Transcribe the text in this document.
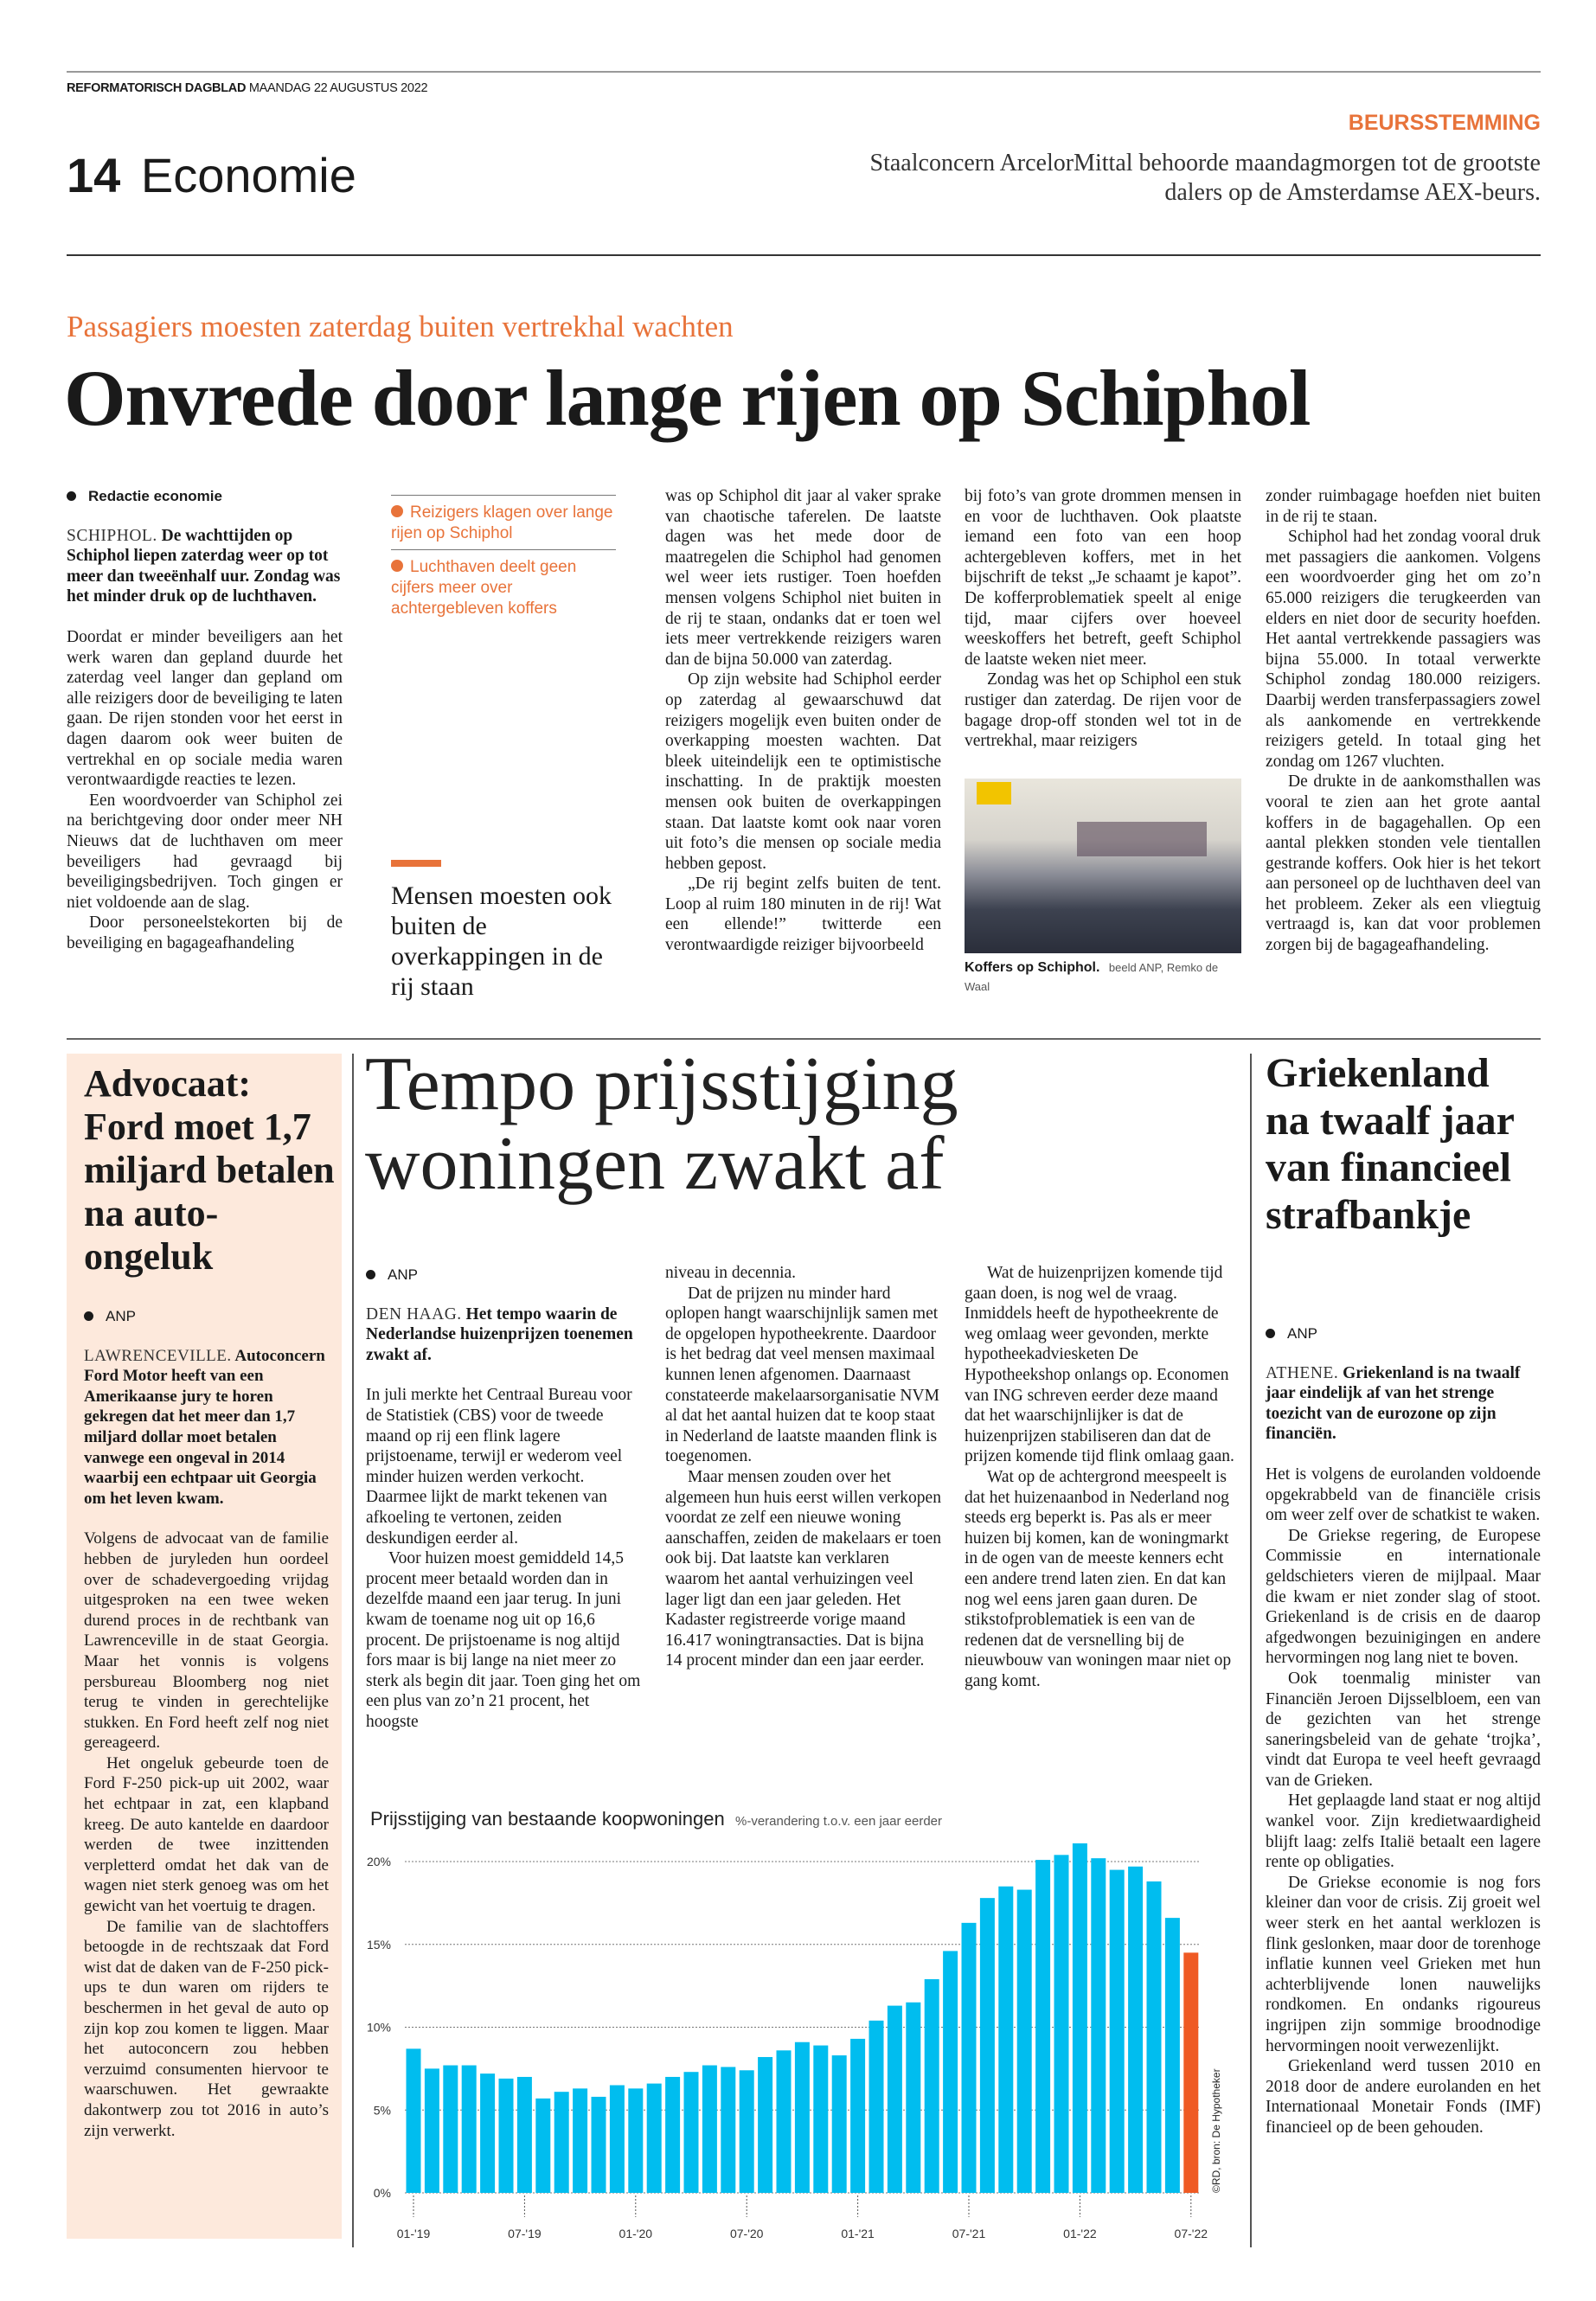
REFORMATORISCH DAGBLAD MAANDAG 22 AUGUSTUS 2022
14 Economie
BEURSSTEMMING
Staalconcern ArcelorMittal behoorde maandagmorgen tot de grootste dalers op de Amsterdamse AEX-beurs.
Passagiers moesten zaterdag buiten vertrekhal wachten
Onvrede door lange rijen op Schiphol
Redactie economie

SCHIPHOL. De wachttijden op Schiphol liepen zaterdag weer op tot meer dan tweeënhalf uur. Zondag was het minder druk op de luchthaven.

Doordat er minder beveiligers aan het werk waren dan gepland duurde het zaterdag veel langer dan gepland om alle reizigers door de beveiliging te laten gaan. De rijen stonden voor het eerst in dagen daarom ook weer buiten de vertrekhal en op sociale media waren verontwaardigde reacties te lezen.

Een woordvoerder van Schiphol zei na berichtgeving door onder meer NH Nieuws dat de luchthaven om meer beveiligers had gevraagd bij beveiligingsbedrijven. Toch gingen er niet voldoende aan de slag.

Door personeelstekorten bij de beveiliging en bagageafhandeling

Reizigers klagen over lange rijen op Schiphol
Luchthaven deelt geen cijfers meer over achtergebleven koffers
Mensen moesten ook buiten de overkappingen in de rij staan

was op Schiphol dit jaar al vaker sprake van chaotische taferelen. De laatste dagen was het mede door de maatregelen die Schiphol had genomen wel weer iets rustiger. Toen hoefden mensen volgens Schiphol niet buiten in de rij te staan, ondanks dat er toen wel iets meer vertrekkende reizigers waren dan de bijna 50.000 van zaterdag.

Op zijn website had Schiphol eerder op zaterdag al gewaarschuwd dat reizigers mogelijk even buiten onder de overkapping moesten wachten. Dat bleek uiteindelijk een te optimistische inschatting. In de praktijk moesten mensen ook buiten de overkappingen staan. Dat laatste komt ook naar voren uit foto’s die mensen op sociale media hebben gepost.

„De rij begint zelfs buiten de tent. Loop al ruim 180 minuten in de rij! Wat een ellende!” twitterde een verontwaardigde reiziger bijvoorbeeld

bij foto’s van grote drommen mensen in en voor de luchthaven. Ook plaatste iemand een foto van een hoop achtergebleven koffers, met in het bijschrift de tekst „Je schaamt je kapot”. De kofferproblematiek speelt al enige tijd, maar cijfers over hoeveel weeskoffers het betreft, geeft Schiphol de laatste weken niet meer.

Zondag was het op Schiphol een stuk rustiger dan zaterdag. De rijen voor de bagage drop-off stonden wel tot in de vertrekhal, maar reizigers

Koffers op Schiphol. beeld ANP, Remko de Waal

zonder ruimbagage hoefden niet buiten in de rij te staan.

Schiphol had het zondag vooral druk met passagiers die aankomen. Volgens een woordvoerder ging het om zo’n 65.000 reizigers die terugkeerden van elders en niet door de security hoefden. Het aantal vertrekkende passagiers was bijna 55.000. In totaal verwerkte Schiphol zondag 180.000 reizigers. Daarbij werden transferpassagiers zowel als aankomende en vertrekkende reizigers geteld. In totaal ging het zondag om 1267 vluchten.

De drukte in de aankomsthallen was vooral te zien aan het grote aantal koffers in de bagagehallen. Op een aantal plekken stonden vele tientallen gestrande koffers. Ook hier is het tekort aan personeel op de luchthaven deel van het probleem. Zeker als een vliegtuig vertraagd is, kan dat voor problemen zorgen bij de bagageafhandeling.

Advocaat: Ford moet 1,7 miljard betalen na auto-ongeluk
ANP

LAWRENCEVILLE. Autoconcern Ford Motor heeft van een Amerikaanse jury te horen gekregen dat het meer dan 1,7 miljard dollar moet betalen vanwege een ongeval in 2014 waarbij een echtpaar uit Georgia om het leven kwam.

Volgens de advocaat van de familie hebben de juryleden hun oordeel over de schadevergoeding vrijdag uitgesproken na een twee weken durend proces in de rechtbank van Lawrenceville in de staat Georgia. Maar het vonnis is volgens persbureau Bloomberg nog niet terug te vinden in gerechtelijke stukken. En Ford heeft zelf nog niet gereageerd.

Het ongeluk gebeurde toen de Ford F-250 pick-up uit 2002, waar het echtpaar in zat, een klapband kreeg. De auto kantelde en daardoor werden de twee inzittenden verpletterd omdat het dak van de wagen niet sterk genoeg was om het gewicht van het voertuig te dragen.

De familie van de slachtoffers betoogde in de rechtszaak dat Ford wist dat de daken van de F-250 pick-ups te dun waren om rijders te beschermen in het geval de auto op zijn kop zou komen te liggen. Maar het autoconcern zou hebben verzuimd consumenten hiervoor te waarschuwen. Het gewraakte dakontwerp zou tot 2016 in auto’s zijn verwerkt.

Tempo prijsstijging woningen zwakt af
ANP

DEN HAAG. Het tempo waarin de Nederlandse huizenprijzen toenemen zwakt af.

In juli merkte het Centraal Bureau voor de Statistiek (CBS) voor de tweede maand op rij een flink lagere prijstoename, terwijl er wederom veel minder huizen werden verkocht. Daarmee lijkt de markt tekenen van afkoeling te vertonen, zeiden deskundigen eerder al.

Voor huizen moest gemiddeld 14,5 procent meer betaald worden dan in dezelfde maand een jaar terug. In juni kwam de toename nog uit op 16,6 procent. De prijstoename is nog altijd fors maar is bij lange na niet meer zo sterk als begin dit jaar. Toen ging het om een plus van zo’n 21 procent, het hoogste

niveau in decennia.

Dat de prijzen nu minder hard oplopen hangt waarschijnlijk samen met de opgelopen hypotheekrente. Daardoor is het bedrag dat veel mensen maximaal kunnen lenen afgenomen. Daarnaast constateerde makelaarsorganisatie NVM al dat het aantal huizen dat te koop staat in Nederland de laatste maanden flink is toegenomen.

Maar mensen zouden over het algemeen hun huis eerst willen verkopen voordat ze zelf een nieuwe woning aanschaffen, zeiden de makelaars er toen ook bij. Dat laatste kan verklaren waarom het aantal verhuizingen veel lager ligt dan een jaar geleden. Het Kadaster registreerde vorige maand 16.417 woningtransacties. Dat is bijna 14 procent minder dan een jaar eerder.

Wat de huizenprijzen komende tijd gaan doen, is nog wel de vraag. Inmiddels heeft de hypotheekrente de weg omlaag weer gevonden, merkte hypotheekadviesketen De Hypotheekshop onlangs op. Economen van ING schreven eerder deze maand dat het waarschijnlijker is dat de huizenprijzen stabiliseren dan dat de prijzen komende tijd flink omlaag gaan.

Wat op de achtergrond meespeelt is dat het huizenaanbod in Nederland nog steeds erg beperkt is. Pas als er meer huizen bij komen, kan de woningmarkt in de ogen van de meeste kenners echt een andere trend laten zien. En dat kan nog wel eens jaren gaan duren. De stikstofproblematiek is een van de redenen dat de versnelling bij de nieuwbouw van woningen maar niet op gang komt.

Prijsstijging van bestaande koopwoningen %-verandering t.o.v. een jaar eerder
0%
5%
10%
15%
20%
01-'19	07-'19	01-'20	07-'20	01-'21	07-'21	01-'22	07-'22
©RD, bron: De Hypotheker
Griekenland na twaalf jaar van financieel strafbankje
ANP

ATHENE. Griekenland is na twaalf jaar eindelijk af van het strenge toezicht van de eurozone op zijn financiën.

Het is volgens de eurolanden voldoende opgekrabbeld van de financiële crisis om weer zelf over de schatkist te waken.

De Griekse regering, de Europese Commissie en internationale geldschieters vieren de mijlpaal. Maar die kwam er niet zonder slag of stoot. Griekenland is de crisis en de daarop afgedwongen bezuinigingen en andere hervormingen nog lang niet te boven.

Ook toenmalig minister van Financiën Jeroen Dijsselbloem, een van de gezichten van het strenge saneringsbeleid van de gehate ‘trojka’, vindt dat Europa te veel heeft gevraagd van de Grieken.

Het geplaagde land staat er nog altijd wankel voor. Zijn kredietwaardigheid blijft laag: zelfs Italië betaalt een lagere rente op obligaties.

De Griekse economie is nog fors kleiner dan voor de crisis. Zij groeit wel weer sterk en het aantal werklozen is flink geslonken, maar door de torenhoge inflatie kunnen veel Grieken met hun achterblijvende lonen nauwelijks rondkomen. En ondanks rigoureus ingrijpen zijn sommige broodnodige hervormingen nooit verwezenlijkt.

Griekenland werd tussen 2010 en 2018 door de andere eurolanden en het Internationaal Monetair Fonds (IMF) financieel op de been gehouden.
